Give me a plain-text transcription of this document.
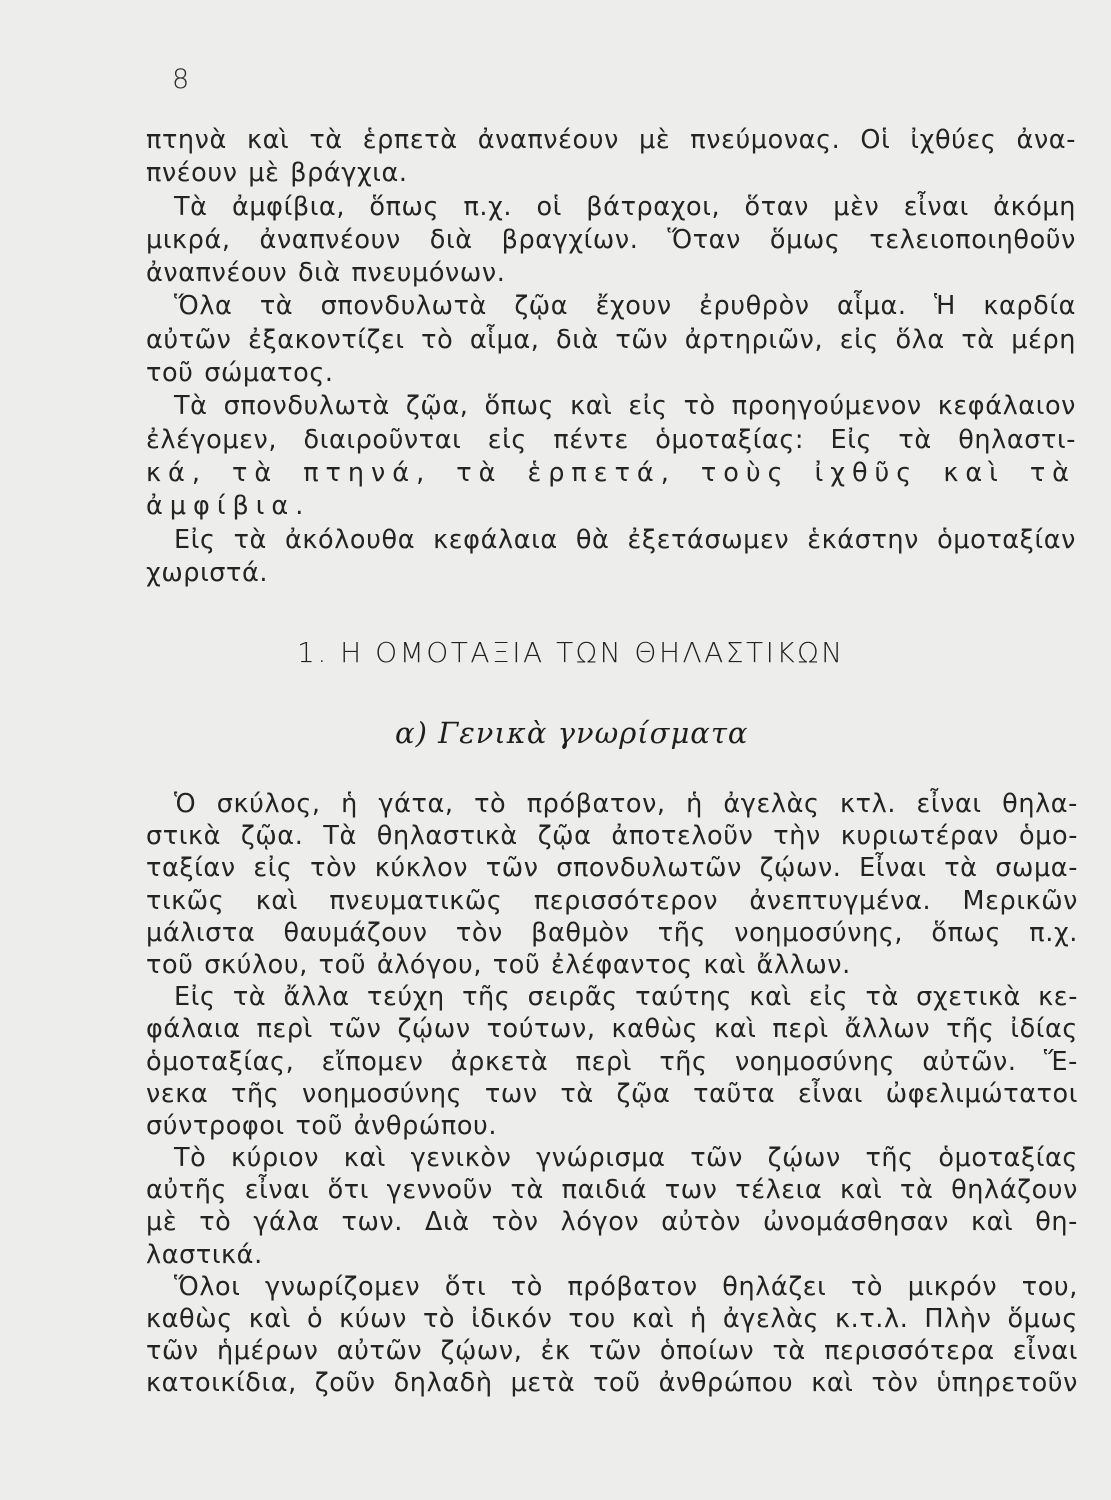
8
πτηνὰ καὶ τὰ ἑρπετὰ ἀναπνέουν μὲ πνεύμονας. Οἱ ἰχθύες ἀνα-
πνέουν μὲ βράγχια.
Τὰ ἀμφίβια, ὅπως π.χ. οἱ βάτραχοι, ὅταν μὲν εἶναι ἀκόμη
μικρά, ἀναπνέουν διὰ βραγχίων. Ὅταν ὅμως τελειοποιηθοῦν
ἀναπνέουν διὰ πνευμόνων.
Ὅλα τὰ σπονδυλωτὰ ζῷα ἔχουν ἐρυθρὸν αἷμα. Ἡ καρδία
αὐτῶν ἐξακοντίζει τὸ αἷμα, διὰ τῶν ἀρτηριῶν, εἰς ὅλα τὰ μέρη
τοῦ σώματος.
Τὰ σπονδυλωτὰ ζῷα, ὅπως καὶ εἰς τὸ προηγούμενον κεφάλαιον
ἐλέγομεν, διαιροῦνται εἰς πέντε ὁμοταξίας: Εἰς τὰ θηλαστι-
κά, τὰ πτηνά, τὰ ἑρπετά, τοὺς ἰχθῦς καὶ τὰ
ἀμφίβια.
Εἰς τὰ ἀκόλουθα κεφάλαια θὰ ἐξετάσωμεν ἑκάστην ὁμοταξίαν
χωριστά.
1. Η ΟΜΟΤΑΞΙΑ ΤΩΝ ΘΗΛΑΣΤΙΚΩΝ
α) Γενικὰ γνωρίσματα
Ὁ σκύλος, ἡ γάτα, τὸ πρόβατον, ἡ ἀγελὰς κτλ. εἶναι θηλα-
στικὰ ζῷα. Τὰ θηλαστικὰ ζῷα ἀποτελοῦν τὴν κυριωτέραν ὁμο-
ταξίαν εἰς τὸν κύκλον τῶν σπονδυλωτῶν ζῴων. Εἶναι τὰ σωμα-
τικῶς καὶ πνευματικῶς περισσότερον ἀνεπτυγμένα. Μερικῶν
μάλιστα θαυμάζουν τὸν βαθμὸν τῆς νοημοσύνης, ὅπως π.χ.
τοῦ σκύλου, τοῦ ἀλόγου, τοῦ ἐλέφαντος καὶ ἄλλων.
Εἰς τὰ ἄλλα τεύχη τῆς σειρᾶς ταύτης καὶ εἰς τὰ σχετικὰ κε-
φάλαια περὶ τῶν ζῴων τούτων, καθὼς καὶ περὶ ἄλλων τῆς ἰδίας
ὁμοταξίας, εἴπομεν ἀρκετὰ περὶ τῆς νοημοσύνης αὐτῶν. Ἕ-
νεκα τῆς νοημοσύνης των τὰ ζῷα ταῦτα εἶναι ὠφελιμώτατοι
σύντροφοι τοῦ ἀνθρώπου.
Τὸ κύριον καὶ γενικὸν γνώρισμα τῶν ζῴων τῆς ὁμοταξίας
αὐτῆς εἶναι ὅτι γεννοῦν τὰ παιδιά των τέλεια καὶ τὰ θηλάζουν
μὲ τὸ γάλα των. Διὰ τὸν λόγον αὐτὸν ὠνομάσθησαν καὶ θη-
λαστικά.
Ὅλοι γνωρίζομεν ὅτι τὸ πρόβατον θηλάζει τὸ μικρόν του,
καθὼς καὶ ὁ κύων τὸ ἰδικόν του καὶ ἡ ἀγελὰς κ.τ.λ. Πλὴν ὅμως
τῶν ἡμέρων αὐτῶν ζῴων, ἐκ τῶν ὁποίων τὰ περισσότερα εἶναι
κατοικίδια, ζοῦν δηλαδὴ μετὰ τοῦ ἀνθρώπου καὶ τὸν ὑπηρετοῦν
